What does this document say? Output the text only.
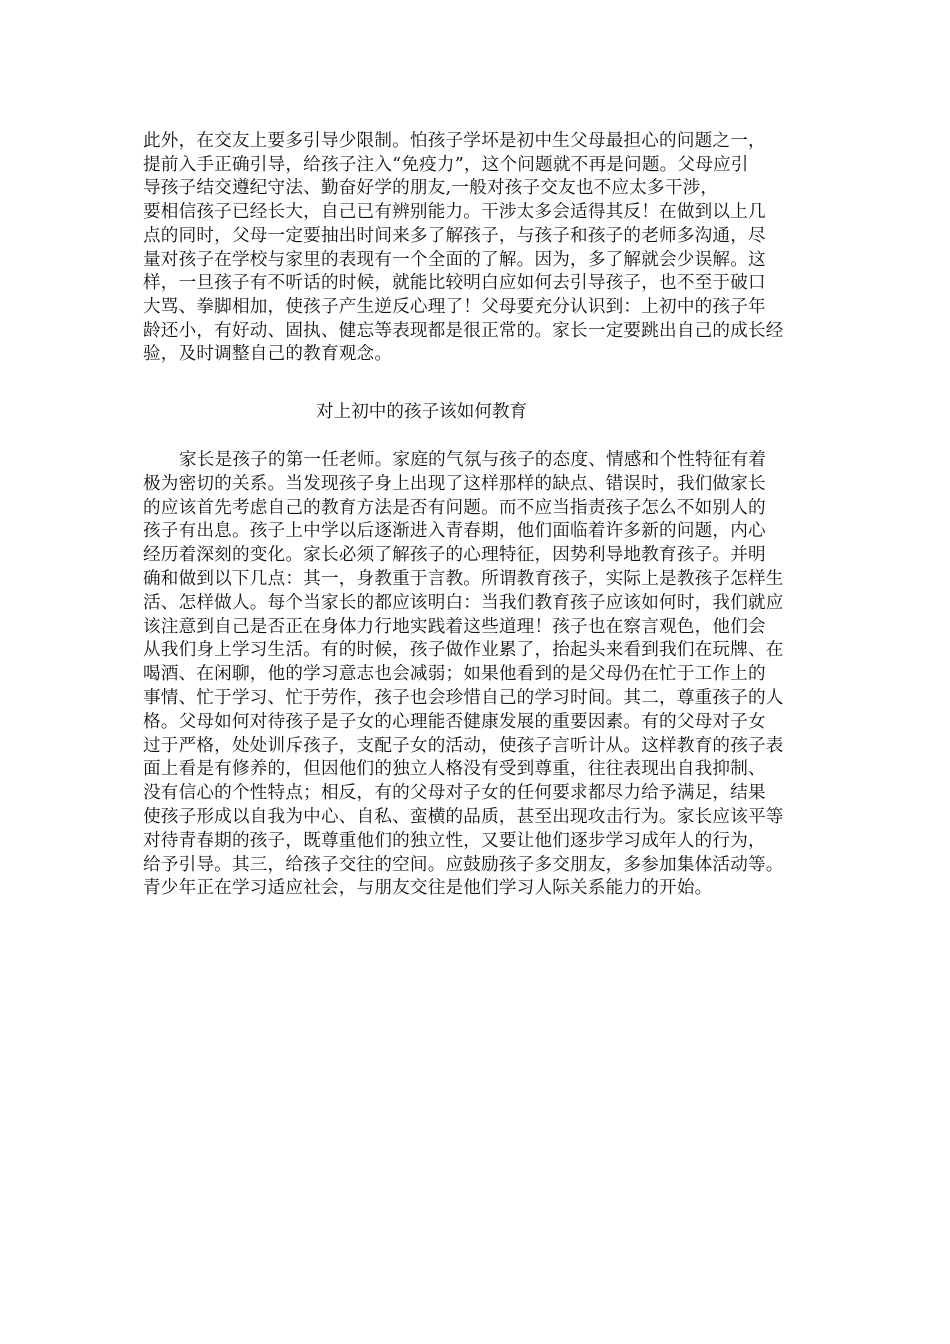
此外，在交友上要多引导少限制。怕孩子学坏是初中生父母最担心的问题之一，
提前入手正确引导，给孩子注入“免疫力”，这个问题就不再是问题。父母应引
导孩子结交遵纪守法、勤奋好学的朋友,一般对孩子交友也不应太多干涉，
要相信孩子已经长大，自己已有辨别能力。干涉太多会适得其反！在做到以上几
点的同时，父母一定要抽出时间来多了解孩子，与孩子和孩子的老师多沟通，尽
量对孩子在学校与家里的表现有一个全面的了解。因为，多了解就会少误解。这
样，一旦孩子有不听话的时候，就能比较明白应如何去引导孩子，也不至于破口
大骂、拳脚相加，使孩子产生逆反心理了！父母要充分认识到：上初中的孩子年
龄还小，有好动、固执、健忘等表现都是很正常的。家长一定要跳出自己的成长经
验，及时调整自己的教育观念。
对上初中的孩子该如何教育
家长是孩子的第一任老师。家庭的气氛与孩子的态度、情感和个性特征有着
极为密切的关系。当发现孩子身上出现了这样那样的缺点、错误时，我们做家长
的应该首先考虑自己的教育方法是否有问题。而不应当指责孩子怎么不如别人的
孩子有出息。孩子上中学以后逐渐进入青春期，他们面临着许多新的问题，内心
经历着深刻的变化。家长必须了解孩子的心理特征，因势利导地教育孩子。并明
确和做到以下几点：其一，身教重于言教。所谓教育孩子，实际上是教孩子怎样生
活、怎样做人。每个当家长的都应该明白：当我们教育孩子应该如何时，我们就应
该注意到自己是否正在身体力行地实践着这些道理！孩子也在察言观色，他们会
从我们身上学习生活。有的时候，孩子做作业累了，抬起头来看到我们在玩牌、在
喝酒、在闲聊，他的学习意志也会减弱；如果他看到的是父母仍在忙于工作上的
事情、忙于学习、忙于劳作，孩子也会珍惜自己的学习时间。其二，尊重孩子的人
格。父母如何对待孩子是子女的心理能否健康发展的重要因素。有的父母对子女
过于严格，处处训斥孩子，支配子女的活动，使孩子言听计从。这样教育的孩子表
面上看是有修养的，但因他们的独立人格没有受到尊重，往往表现出自我抑制、
没有信心的个性特点；相反，有的父母对子女的任何要求都尽力给予满足，结果
使孩子形成以自我为中心、自私、蛮横的品质，甚至出现攻击行为。家长应该平等
对待青春期的孩子，既尊重他们的独立性，又要让他们逐步学习成年人的行为，
给予引导。其三，给孩子交往的空间。应鼓励孩子多交朋友，多参加集体活动等。
青少年正在学习适应社会，与朋友交往是他们学习人际关系能力的开始。
